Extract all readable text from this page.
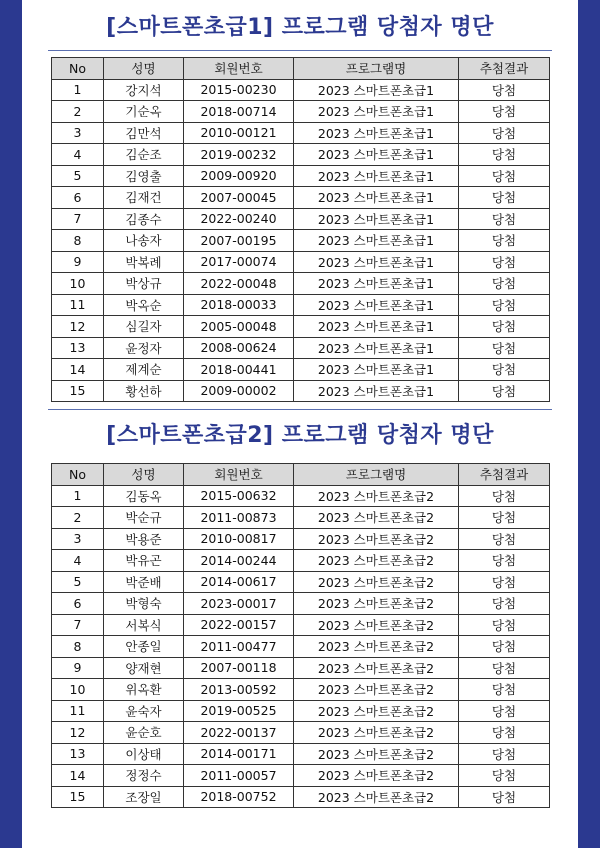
[스마트폰초급1] 프로그램 당첨자 명단
No	성명	회원번호	프로그램명	추첨결과
1	강지석	2015-00230	2023 스마트폰초급1	당첨
2	기순옥	2018-00714	2023 스마트폰초급1	당첨
3	김만석	2010-00121	2023 스마트폰초급1	당첨
4	김순조	2019-00232	2023 스마트폰초급1	당첨
5	김영출	2009-00920	2023 스마트폰초급1	당첨
6	김재건	2007-00045	2023 스마트폰초급1	당첨
7	김종수	2022-00240	2023 스마트폰초급1	당첨
8	나송자	2007-00195	2023 스마트폰초급1	당첨
9	박복례	2017-00074	2023 스마트폰초급1	당첨
10	박상규	2022-00048	2023 스마트폰초급1	당첨
11	박옥순	2018-00033	2023 스마트폰초급1	당첨
12	심길자	2005-00048	2023 스마트폰초급1	당첨
13	윤정자	2008-00624	2023 스마트폰초급1	당첨
14	제계순	2018-00441	2023 스마트폰초급1	당첨
15	황선하	2009-00002	2023 스마트폰초급1	당첨
[스마트폰초급2] 프로그램 당첨자 명단
No	성명	회원번호	프로그램명	추첨결과
1	김동옥	2015-00632	2023 스마트폰초급2	당첨
2	박순규	2011-00873	2023 스마트폰초급2	당첨
3	박용준	2010-00817	2023 스마트폰초급2	당첨
4	박유곤	2014-00244	2023 스마트폰초급2	당첨
5	박준배	2014-00617	2023 스마트폰초급2	당첨
6	박형숙	2023-00017	2023 스마트폰초급2	당첨
7	서복식	2022-00157	2023 스마트폰초급2	당첨
8	안종일	2011-00477	2023 스마트폰초급2	당첨
9	양재현	2007-00118	2023 스마트폰초급2	당첨
10	위옥환	2013-00592	2023 스마트폰초급2	당첨
11	윤숙자	2019-00525	2023 스마트폰초급2	당첨
12	윤순호	2022-00137	2023 스마트폰초급2	당첨
13	이상태	2014-00171	2023 스마트폰초급2	당첨
14	정정수	2011-00057	2023 스마트폰초급2	당첨
15	조장일	2018-00752	2023 스마트폰초급2	당첨
